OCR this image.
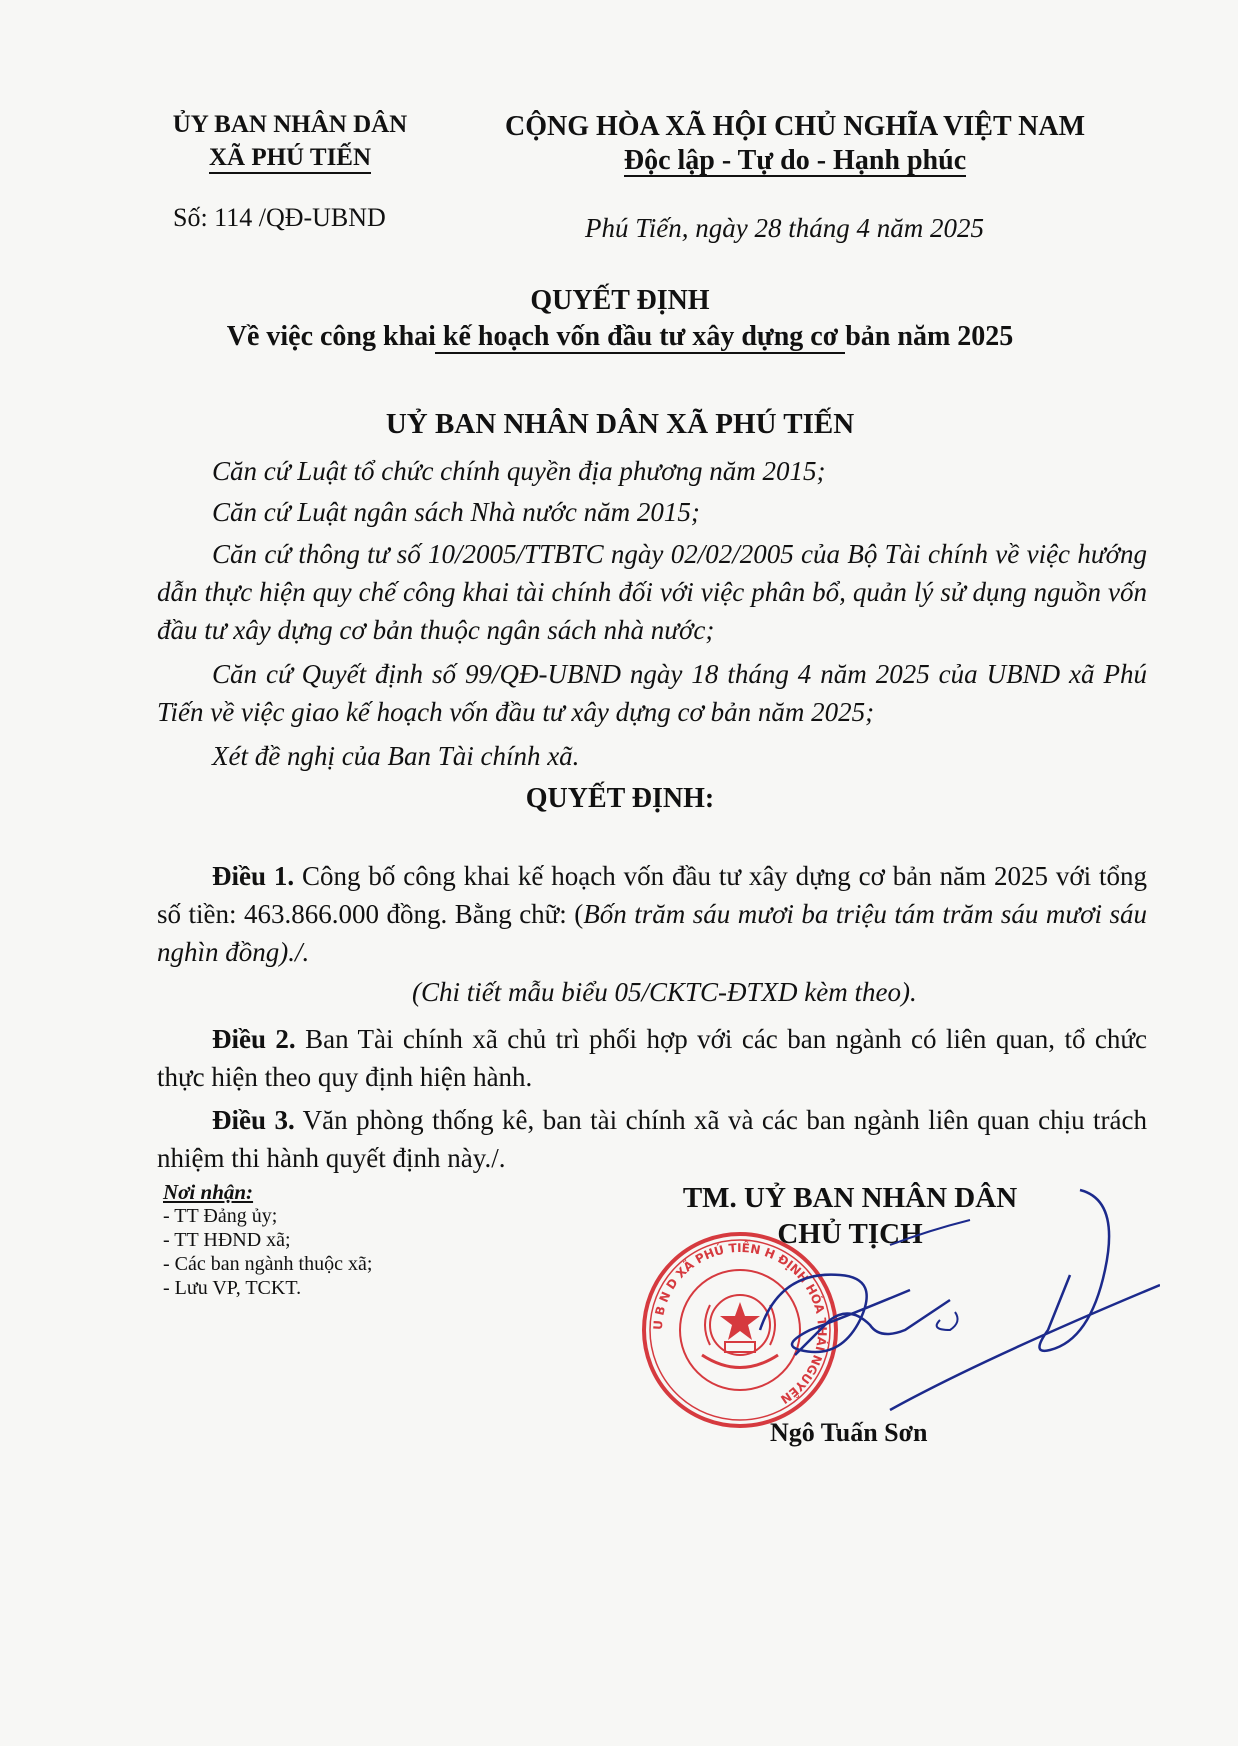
ỦY BAN NHÂN DÂN
XÃ PHÚ TIẾN
Số: 114 /QĐ-UBND
CỘNG HÒA XÃ HỘI CHỦ NGHĨA VIỆT NAM
Độc lập - Tự do - Hạnh phúc
Phú Tiến, ngày 28 tháng 4 năm 2025
QUYẾT ĐỊNH
Về việc công khai kế hoạch vốn đầu tư xây dựng cơ bản năm 2025
UỶ BAN NHÂN DÂN XÃ PHÚ TIẾN
Căn cứ Luật tổ chức chính quyền địa phương năm 2015;
Căn cứ Luật ngân sách Nhà nước năm 2015;
Căn cứ thông tư số 10/2005/TTBTC ngày 02/02/2005 của Bộ Tài chính về việc hướng dẫn thực hiện quy chế công khai tài chính đối với việc phân bổ, quản lý sử dụng nguồn vốn đầu tư xây dựng cơ bản thuộc ngân sách nhà nước;
Căn cứ Quyết định số 99/QĐ-UBND ngày 18 tháng 4 năm 2025 của UBND xã Phú Tiến về việc giao kế hoạch vốn đầu tư xây dựng cơ bản năm 2025;
Xét đề nghị của Ban Tài chính xã.
QUYẾT ĐỊNH:
Điều 1. Công bố công khai kế hoạch vốn đầu tư xây dựng cơ bản năm 2025 với tổng số tiền: 463.866.000 đồng. Bằng chữ: (Bốn trăm sáu mươi ba triệu tám trăm sáu mươi sáu nghìn đồng)./.
(Chi tiết mẫu biểu 05/CKTC-ĐTXD kèm theo).
Điều 2. Ban Tài chính xã chủ trì phối hợp với các ban ngành có liên quan, tổ chức thực hiện theo quy định hiện hành.
Điều 3. Văn phòng thống kê, ban tài chính xã và các ban ngành liên quan chịu trách nhiệm thi hành quyết định này./.
Nơi nhận:
- TT Đảng ủy;
- TT HĐND xã;
- Các ban ngành thuộc xã;
- Lưu VP, TCKT.
U B N D XÃ PHÚ TIẾN H ĐỊNH HÓA THÁI NGUYÊN
TM. UỶ BAN NHÂN DÂN
CHỦ TỊCH
Ngô Tuấn Sơn
